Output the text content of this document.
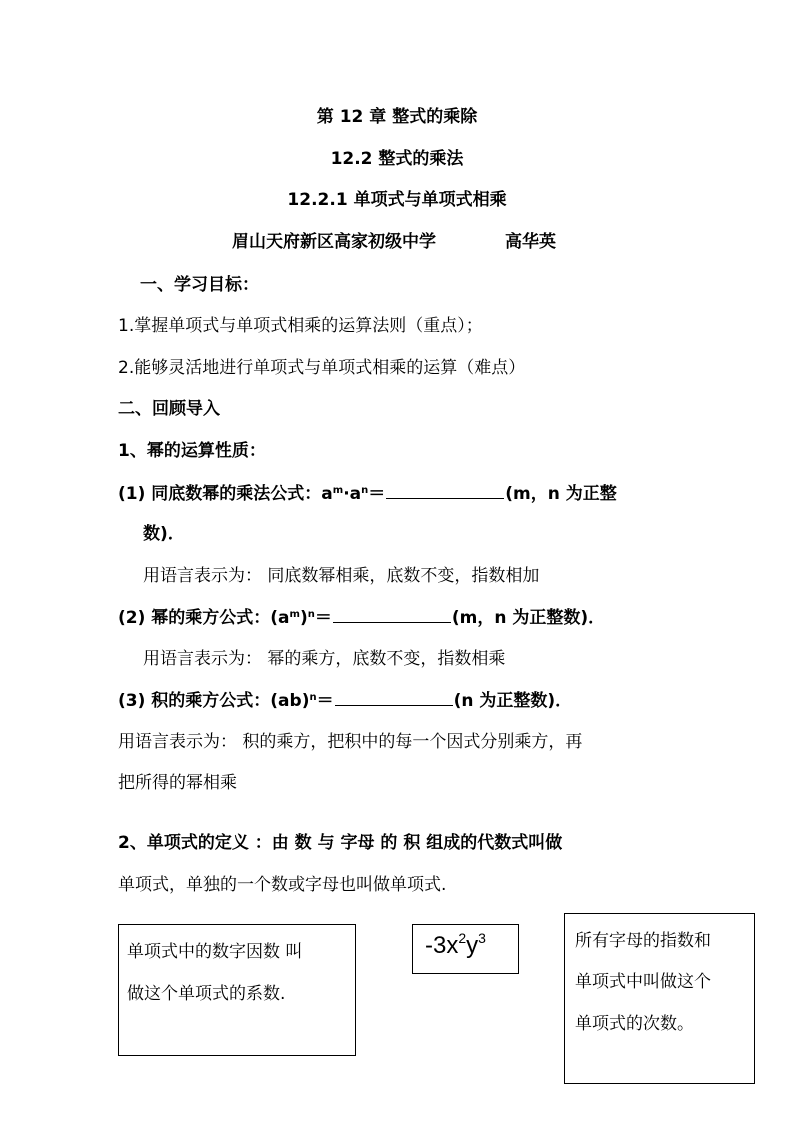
第 12 章 整式的乘除
12.2 整式的乘法
12.2.1 单项式与单项式相乘
眉山天府新区高家初级中学	高华英
一、学习目标：
1.掌握单项式与单项式相乘的运算法则（重点）；
2.能够灵活地进行单项式与单项式相乘的运算（难点）
二、回顾导入
1、幂的运算性质：
(1) 同底数幂的乘法公式：$a^m\cdot a^n=$	(m，n 为正整
数)．
用语言表示为： 同底数幂相乘，底数不变，指数相加
(2) 幂的乘方公式：$(a^m)^n=$	(m，n 为正整数)．
用语言表示为： 幂的乘方，底数不变，指数相乘
(3) 积的乘方公式：(ab)$^n$＝	(n 为正整数)．
用语言表示为： 积的乘方，把积中的每一个因式分别乘方，再
把所得的幂相乘
2、单项式的定义 ：由 数 与 字母 的 积 组成的代数式叫做
单项式，单独的一个数或字母也叫做单项式.
单项式中的数字因数 叫
做这个单项式的系数.
$-3x^2y^3$	所有字母的指数和
单项式中叫做这个
单项式的次数。
